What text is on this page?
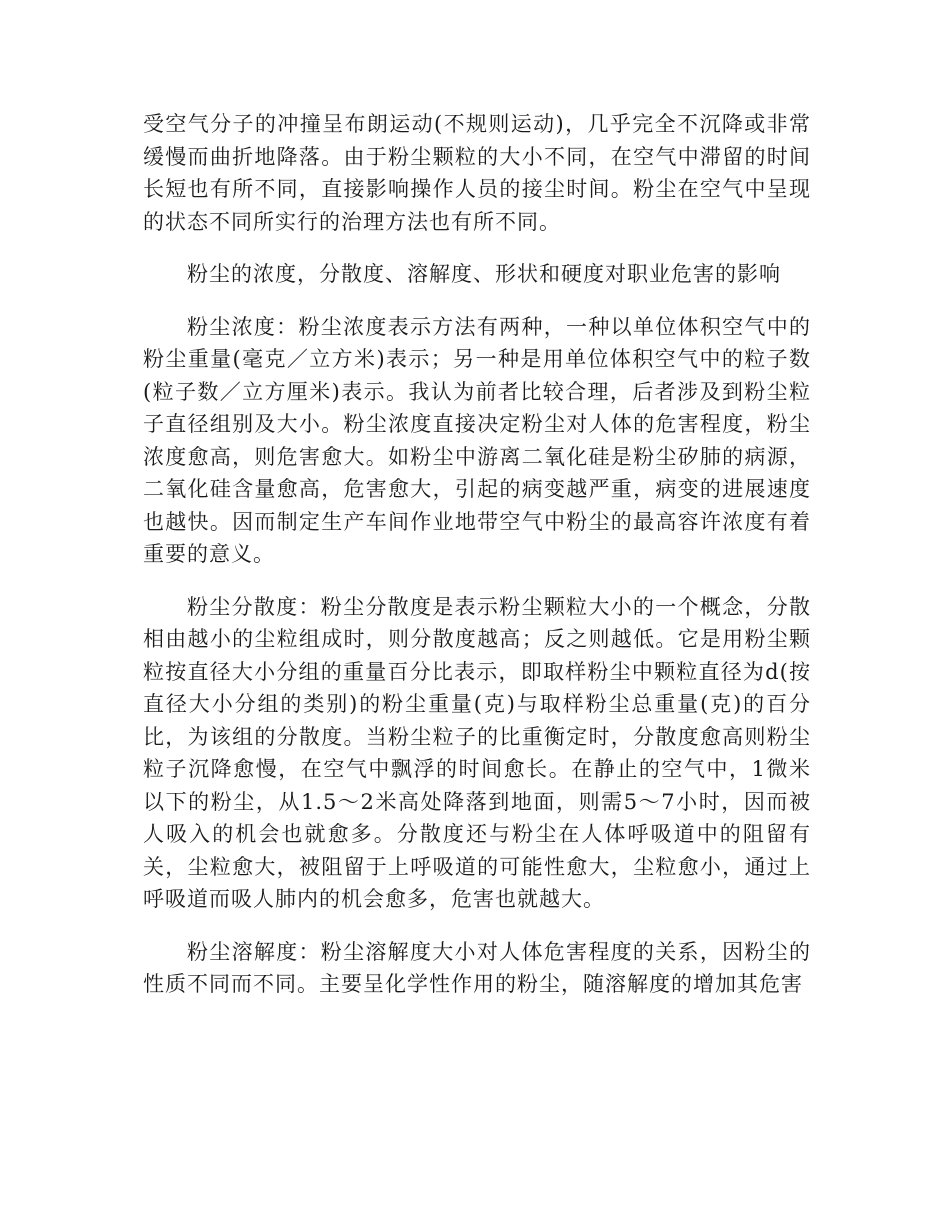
受空气分子的冲撞呈布朗运动(不规则运动)，几乎完全不沉降或非常缓慢而曲折地降落。由于粉尘颗粒的大小不同，在空气中滞留的时间长短也有所不同，直接影响操作人员的接尘时间。粉尘在空气中呈现的状态不同所实行的治理方法也有所不同。

粉尘的浓度，分散度、溶解度、形状和硬度对职业危害的影响

粉尘浓度：粉尘浓度表示方法有两种，一种以单位体积空气中的粉尘重量(毫克／立方米)表示；另一种是用单位体积空气中的粒子数(粒子数／立方厘米)表示。我认为前者比较合理，后者涉及到粉尘粒子直径组别及大小。粉尘浓度直接决定粉尘对人体的危害程度，粉尘浓度愈高，则危害愈大。如粉尘中游离二氧化硅是粉尘矽肺的病源，二氧化硅含量愈高，危害愈大，引起的病变越严重，病变的进展速度也越快。因而制定生产车间作业地带空气中粉尘的最高容许浓度有着重要的意义。

粉尘分散度：粉尘分散度是表示粉尘颗粒大小的一个概念，分散相由越小的尘粒组成时，则分散度越高；反之则越低。它是用粉尘颗粒按直径大小分组的重量百分比表示，即取样粉尘中颗粒直径为d(按直径大小分组的类别)的粉尘重量(克)与取样粉尘总重量(克)的百分比，为该组的分散度。当粉尘粒子的比重衡定时，分散度愈高则粉尘粒子沉降愈慢，在空气中飘浮的时间愈长。在静止的空气中，1微米以下的粉尘，从1.5～2米高处降落到地面，则需5～7小时，因而被人吸入的机会也就愈多。分散度还与粉尘在人体呼吸道中的阻留有关，尘粒愈大，被阻留于上呼吸道的可能性愈大，尘粒愈小，通过上呼吸道而吸人肺内的机会愈多，危害也就越大。

粉尘溶解度：粉尘溶解度大小对人体危害程度的关系，因粉尘的性质不同而不同。主要呈化学性作用的粉尘，随溶解度的增加其危害
